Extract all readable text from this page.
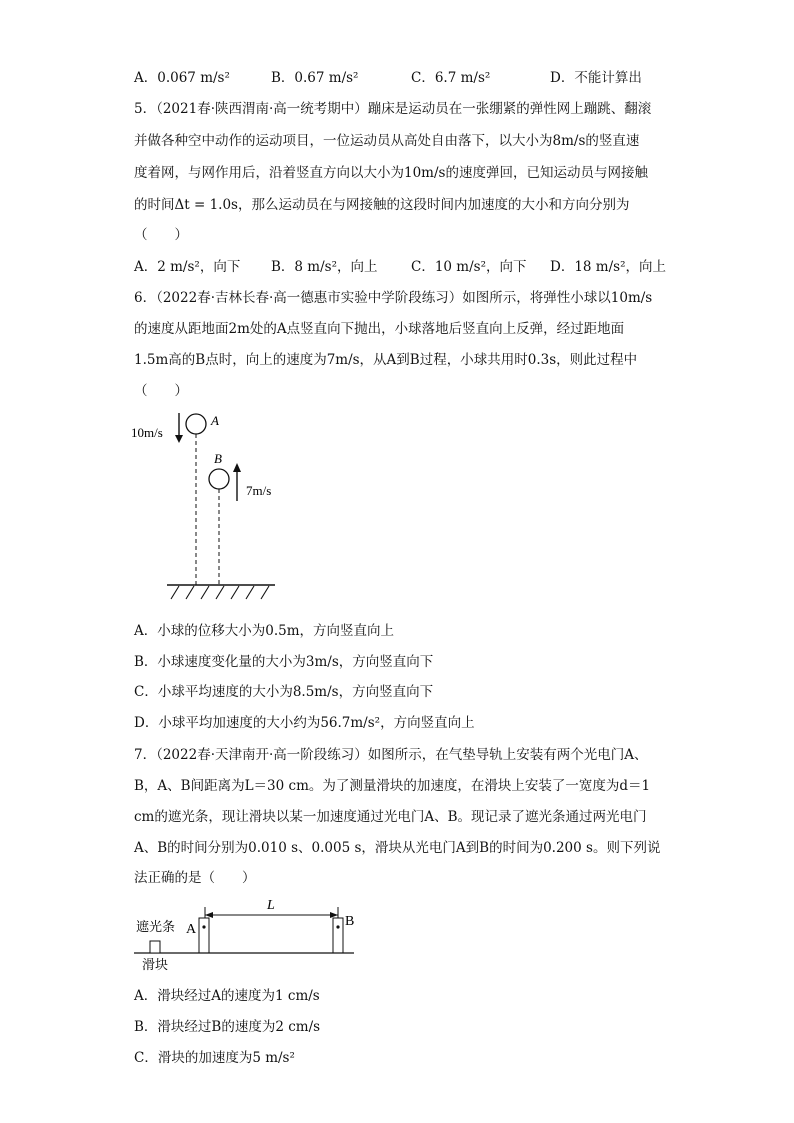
A．0.067 m/s²	B．0.67 m/s²	C．6.7 m/s²	D．不能计算出
5．（2021春·陕西渭南·高一统考期中）蹦床是运动员在一张绷紧的弹性网上蹦跳、翻滚
并做各种空中动作的运动项目，一位运动员从高处自由落下，以大小为8m/s的竖直速
度着网，与网作用后，沿着竖直方向以大小为10m/s的速度弹回，已知运动员与网接触
的时间Δt = 1.0s，那么运动员在与网接触的这段时间内加速度的大小和方向分别为
（　　）
A．2 m/s²，向下 B．8 m/s²，向上 C．10 m/s²，向下 D．18 m/s²，向上
6．（2022春·吉林长春·高一德惠市实验中学阶段练习）如图所示，将弹性小球以10m/s
的速度从距地面2m处的A点竖直向下抛出，小球落地后竖直向上反弹，经过距地面
1.5m高的B点时，向上的速度为7m/s，从A到B过程，小球共用时0.3s，则此过程中
（　　）
10m/s
A
B
7m/s
A．小球的位移大小为0.5m，方向竖直向上
B．小球速度变化量的大小为3m/s，方向竖直向下
C．小球平均速度的大小为8.5m/s，方向竖直向下
D．小球平均加速度的大小约为56.7m/s²，方向竖直向上
7．（2022春·天津南开·高一阶段练习）如图所示，在气垫导轨上安装有两个光电门A、
B，A、B间距离为L＝30 cm。为了测量滑块的加速度，在滑块上安装了一宽度为d＝1
cm的遮光条，现让滑块以某一加速度通过光电门A、B。现记录了遮光条通过两光电门
A、B的时间分别为0.010 s、0.005 s，滑块从光电门A到B的时间为0.200 s。则下列说
法正确的是（　　）
L
A
B
遮光条
滑块
A．滑块经过A的速度为1 cm/s
B．滑块经过B的速度为2 cm/s
C．滑块的加速度为5 m/s²
